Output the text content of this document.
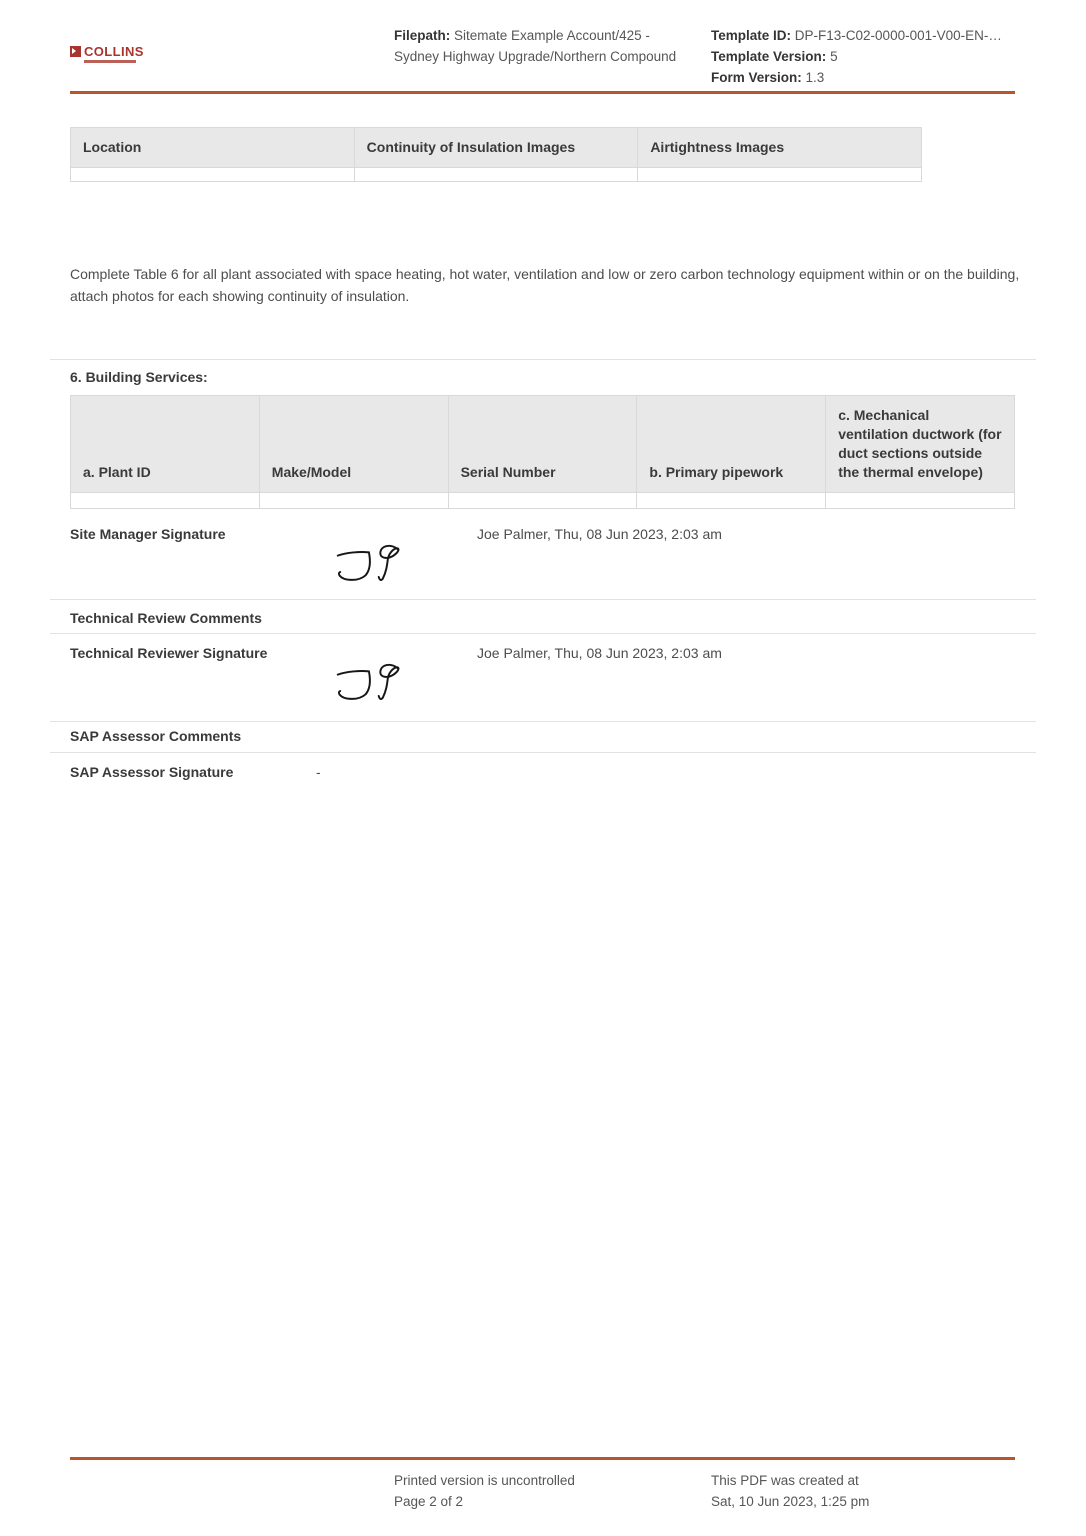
COLLINS
Filepath: Sitemate Example Account/425 - Sydney Highway Upgrade/Northern Compound
Template ID: DP-F13-C02-0000-001-V00-EN-…
Template Version: 5
Form Version: 1.3
Location	Continuity of Insulation Images	Airtightness Images

Complete Table 6 for all plant associated with space heating, hot water, ventilation and low or zero carbon technology equipment within or on the building, attach photos for each showing continuity of insulation.

6. Building Services:
a. Plant ID	Make/Model	Serial Number	b. Primary pipework	c. Mechanical ventilation ductwork (for duct sections outside the thermal envelope)

Site Manager Signature	Joe Palmer, Thu, 08 Jun 2023, 2:03 am
Technical Review Comments
Technical Reviewer Signature	Joe Palmer, Thu, 08 Jun 2023, 2:03 am
SAP Assessor Comments
SAP Assessor Signature	-
Printed version is uncontrolled
Page 2 of 2
This PDF was created at
Sat, 10 Jun 2023, 1:25 pm
